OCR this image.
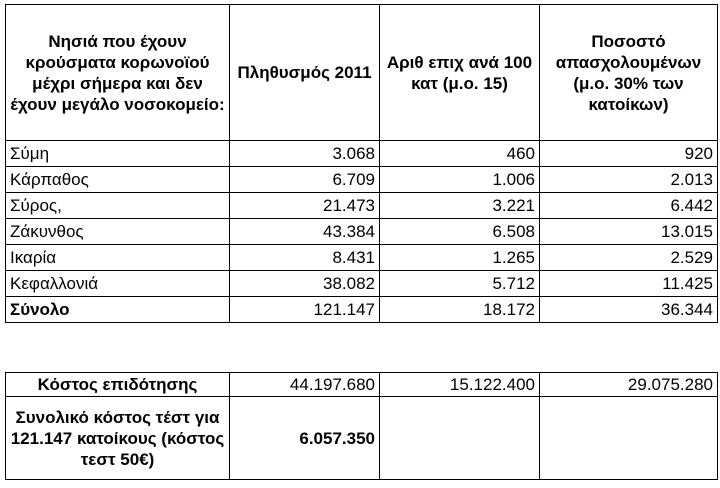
Νησιά που έχουν κρούσματα κορωνοϊού μέχρι σήμερα και δεν έχουν μεγάλο νοσοκομείο:	Πληθυσμός 2011	Αριθ επιχ ανά 100 κατ (μ.ο. 15)	Ποσοστό απασχολουμένων (μ.ο. 30% των κατοίκων)
Σύμη	3.068	460	920
Κάρπαθος	6.709	1.006	2.013
Σύρος,	21.473	3.221	6.442
Ζάκυνθος	43.384	6.508	13.015
Ικαρία	8.431	1.265	2.529
Κεφαλλονιά	38.082	5.712	11.425
Σύνολο	121.147	18.172	36.344
Κόστος επιδότησης	44.197.680	15.122.400	29.075.280
Συνολικό κόστος τέστ για 121.147 κατοίκους (κόστος τεστ 50€)	6.057.350		
